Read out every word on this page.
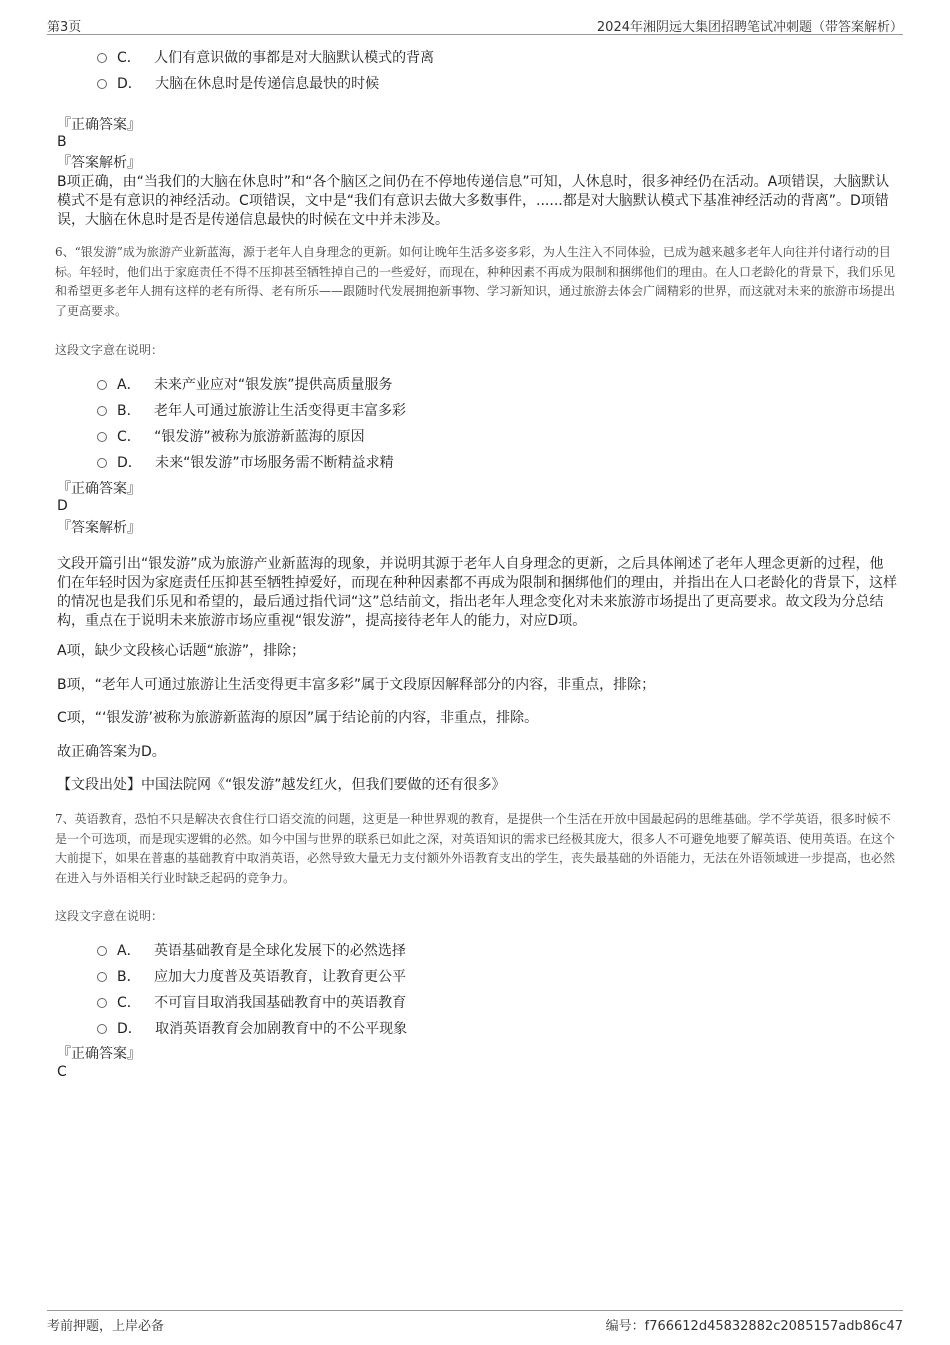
第3页	2024年湘阴远大集团招聘笔试冲刺题（带答案解析）
C． 人们有意识做的事都是对大脑默认模式的背离
D． 大脑在休息时是传递信息最快的时候
『正确答案』
B
『答案解析』
B项正确，由“当我们的大脑在休息时”和“各个脑区之间仍在不停地传递信息”可知，人休息时，很多神经仍在活动。A项错误，大脑默认模式不是有意识的神经活动。C项错误，文中是“我们有意识去做大多数事件，......都是对大脑默认模式下基准神经活动的背离”。D项错误，大脑在休息时是否是传递信息最快的时候在文中并未涉及。
6、“银发游”成为旅游产业新蓝海，源于老年人自身理念的更新。如何让晚年生活多姿多彩，为人生注入不同体验，已成为越来越多老年人向往并付诸行动的目标。年轻时，他们出于家庭责任不得不压抑甚至牺牲掉自己的一些爱好，而现在，种种因素不再成为限制和捆绑他们的理由。在人口老龄化的背景下，我们乐见和希望更多老年人拥有这样的老有所得、老有所乐——跟随时代发展拥抱新事物、学习新知识，通过旅游去体会广阔精彩的世界，而这就对未来的旅游市场提出了更高要求。
这段文字意在说明：
A． 未来产业应对“银发族”提供高质量服务
B． 老年人可通过旅游让生活变得更丰富多彩
C． “银发游”被称为旅游新蓝海的原因
D． 未来“银发游”市场服务需不断精益求精
『正确答案』
D
『答案解析』
文段开篇引出“银发游”成为旅游产业新蓝海的现象，并说明其源于老年人自身理念的更新，之后具体阐述了老年人理念更新的过程，他们在年轻时因为家庭责任压抑甚至牺牲掉爱好，而现在种种因素都不再成为限制和捆绑他们的理由，并指出在人口老龄化的背景下，这样的情况也是我们乐见和希望的，最后通过指代词“这”总结前文，指出老年人理念变化对未来旅游市场提出了更高要求。故文段为分总结构，重点在于说明未来旅游市场应重视“银发游”，提高接待老年人的能力，对应D项。
A项，缺少文段核心话题“旅游”，排除；
B项，“老年人可通过旅游让生活变得更丰富多彩”属于文段原因解释部分的内容，非重点，排除；
C项，“‘银发游’被称为旅游新蓝海的原因”属于结论前的内容，非重点，排除。
故正确答案为D。
【文段出处】中国法院网《“银发游”越发红火，但我们要做的还有很多》
7、英语教育，恐怕不只是解决衣食住行口语交流的问题，这更是一种世界观的教育，是提供一个生活在开放中国最起码的思维基础。学不学英语，很多时候不是一个可选项，而是现实逻辑的必然。如今中国与世界的联系已如此之深，对英语知识的需求已经极其庞大，很多人不可避免地要了解英语、使用英语。在这个大前提下，如果在普惠的基础教育中取消英语，必然导致大量无力支付额外外语教育支出的学生，丧失最基础的外语能力，无法在外语领域进一步提高，也必然在进入与外语相关行业时缺乏起码的竞争力。
这段文字意在说明：
A． 英语基础教育是全球化发展下的必然选择
B． 应加大力度普及英语教育，让教育更公平
C． 不可盲目取消我国基础教育中的英语教育
D． 取消英语教育会加剧教育中的不公平现象
『正确答案』
C
考前押题，上岸必备	编号：f766612d45832882c2085157adb86c47
